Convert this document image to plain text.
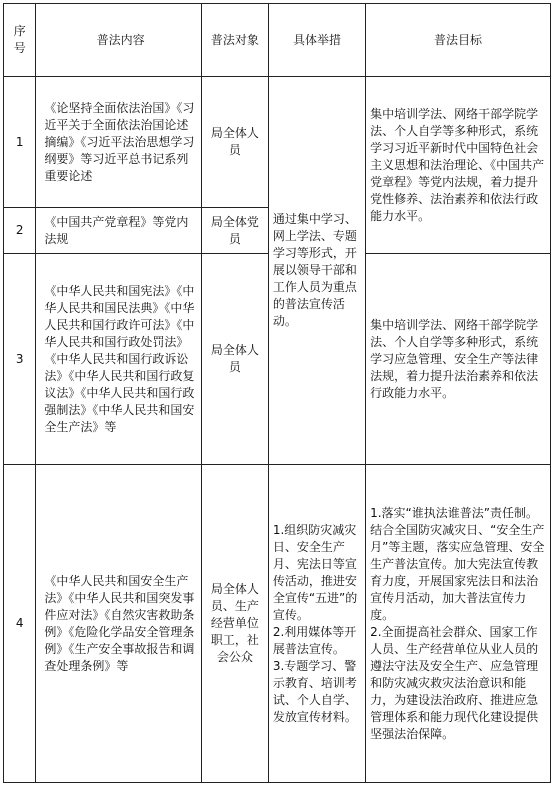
序号	普法内容	普法对象	具体举措	普法目标
1	《论坚持全面依法治国》《习近平关于全面依法治国论述摘编》《习近平法治思想学习纲要》等习近平总书记系列重要论述	局全体人员	通过集中学习、网上学法、专题学习等形式，开展以领导干部和工作人员为重点的普法宣传活动。	集中培训学法、网络干部学院学法、个人自学等多种形式，系统学习习近平新时代中国特色社会主义思想和法治理论、《中国共产党章程》等党内法规，着力提升党性修养、法治素养和依法行政能力水平。
2	《中国共产党章程》等党内法规	局全体党员		
3	《中华人民共和国宪法》《中华人民共和国民法典》《中华人民共和国行政许可法》《中华人民共和国行政处罚法》《中华人民共和国行政诉讼法》《中华人民共和国行政复议法》《中华人民共和国行政强制法》《中华人民共和国安全生产法》等	局全体人员		集中培训学法、网络干部学院学法、个人自学等多种形式，系统学习应急管理、安全生产等法律法规，着力提升法治素养和依法行政能力水平。
4	《中华人民共和国安全生产法》《中华人民共和国突发事件应对法》《自然灾害救助条例》《危险化学品安全管理条例》《生产安全事故报告和调查处理条例》等	局全体人员、生产经营单位职工，社会公众	1.组织防灾减灾日、安全生产月、宪法日等宣传活动，推进安全宣传“五进”的宣传。
2.利用媒体等开展普法宣传。
3.专题学习、警示教育、培训考试、个人自学、发放宣传材料。	1.落实“谁执法谁普法”责任制。结合全国防灾减灾日、“安全生产月”等主题，落实应急管理、安全生产普法宣传。加大宪法宣传教育力度，开展国家宪法日和法治宣传月活动，加大普法宣传力度。
2.全面提高社会群众、国家工作人员、生产经营单位从业人员的遵法守法及安全生产、应急管理和防灾减灾救灾法治意识和能力，为建设法治政府、推进应急管理体系和能力现代化建设提供坚强法治保障。
